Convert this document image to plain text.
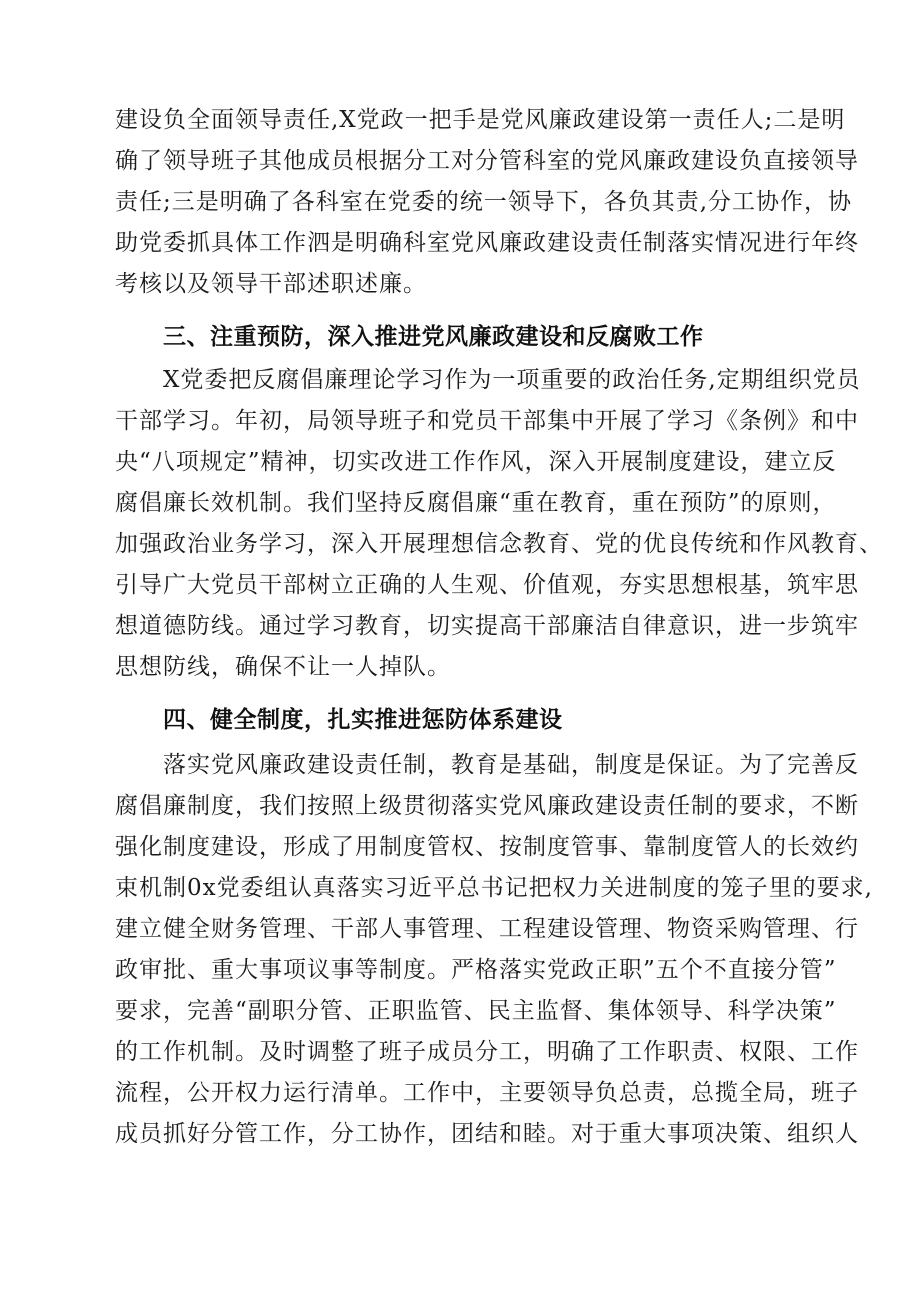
建设负全面领导责任,X党政一把手是党风廉政建设第一责任人;二是明
确了领导班子其他成员根据分工对分管科室的党风廉政建设负直接领导
责任;三是明确了各科室在党委的统一领导下，各负其责,分工协作，协
助党委抓具体工作泗是明确科室党风廉政建设责任制落实情况进行年终
考核以及领导干部述职述廉。
三、注重预防，深入推进党风廉政建设和反腐败工作
X党委把反腐倡廉理论学习作为一项重要的政治任务,定期组织党员
干部学习。年初，局领导班子和党员干部集中开展了学习《条例》和中
央“八项规定”精神，切实改进工作作风，深入开展制度建设，建立反
腐倡廉长效机制。我们坚持反腐倡廉“重在教育，重在预防”的原则，
加强政治业务学习，深入开展理想信念教育、党的优良传统和作风教育、
引导广大党员干部树立正确的人生观、价值观，夯实思想根基，筑牢思
想道德防线。通过学习教育，切实提高干部廉洁自律意识，进一步筑牢
思想防线，确保不让一人掉队。
四、健全制度，扎实推进惩防体系建设
落实党风廉政建设责任制，教育是基础，制度是保证。为了完善反
腐倡廉制度，我们按照上级贯彻落实党风廉政建设责任制的要求，不断
强化制度建设，形成了用制度管权、按制度管事、靠制度管人的长效约
束机制0x党委组认真落实习近平总书记把权力关进制度的笼子里的要求,
建立健全财务管理、干部人事管理、工程建设管理、物资采购管理、行
政审批、重大事项议事等制度。严格落实党政正职”五个不直接分管”
要求，完善“副职分管、正职监管、民主监督、集体领导、科学决策”
的工作机制。及时调整了班子成员分工，明确了工作职责、权限、工作
流程，公开权力运行清单。工作中，主要领导负总责，总揽全局，班子
成员抓好分管工作，分工协作，团结和睦。对于重大事项决策、组织人
